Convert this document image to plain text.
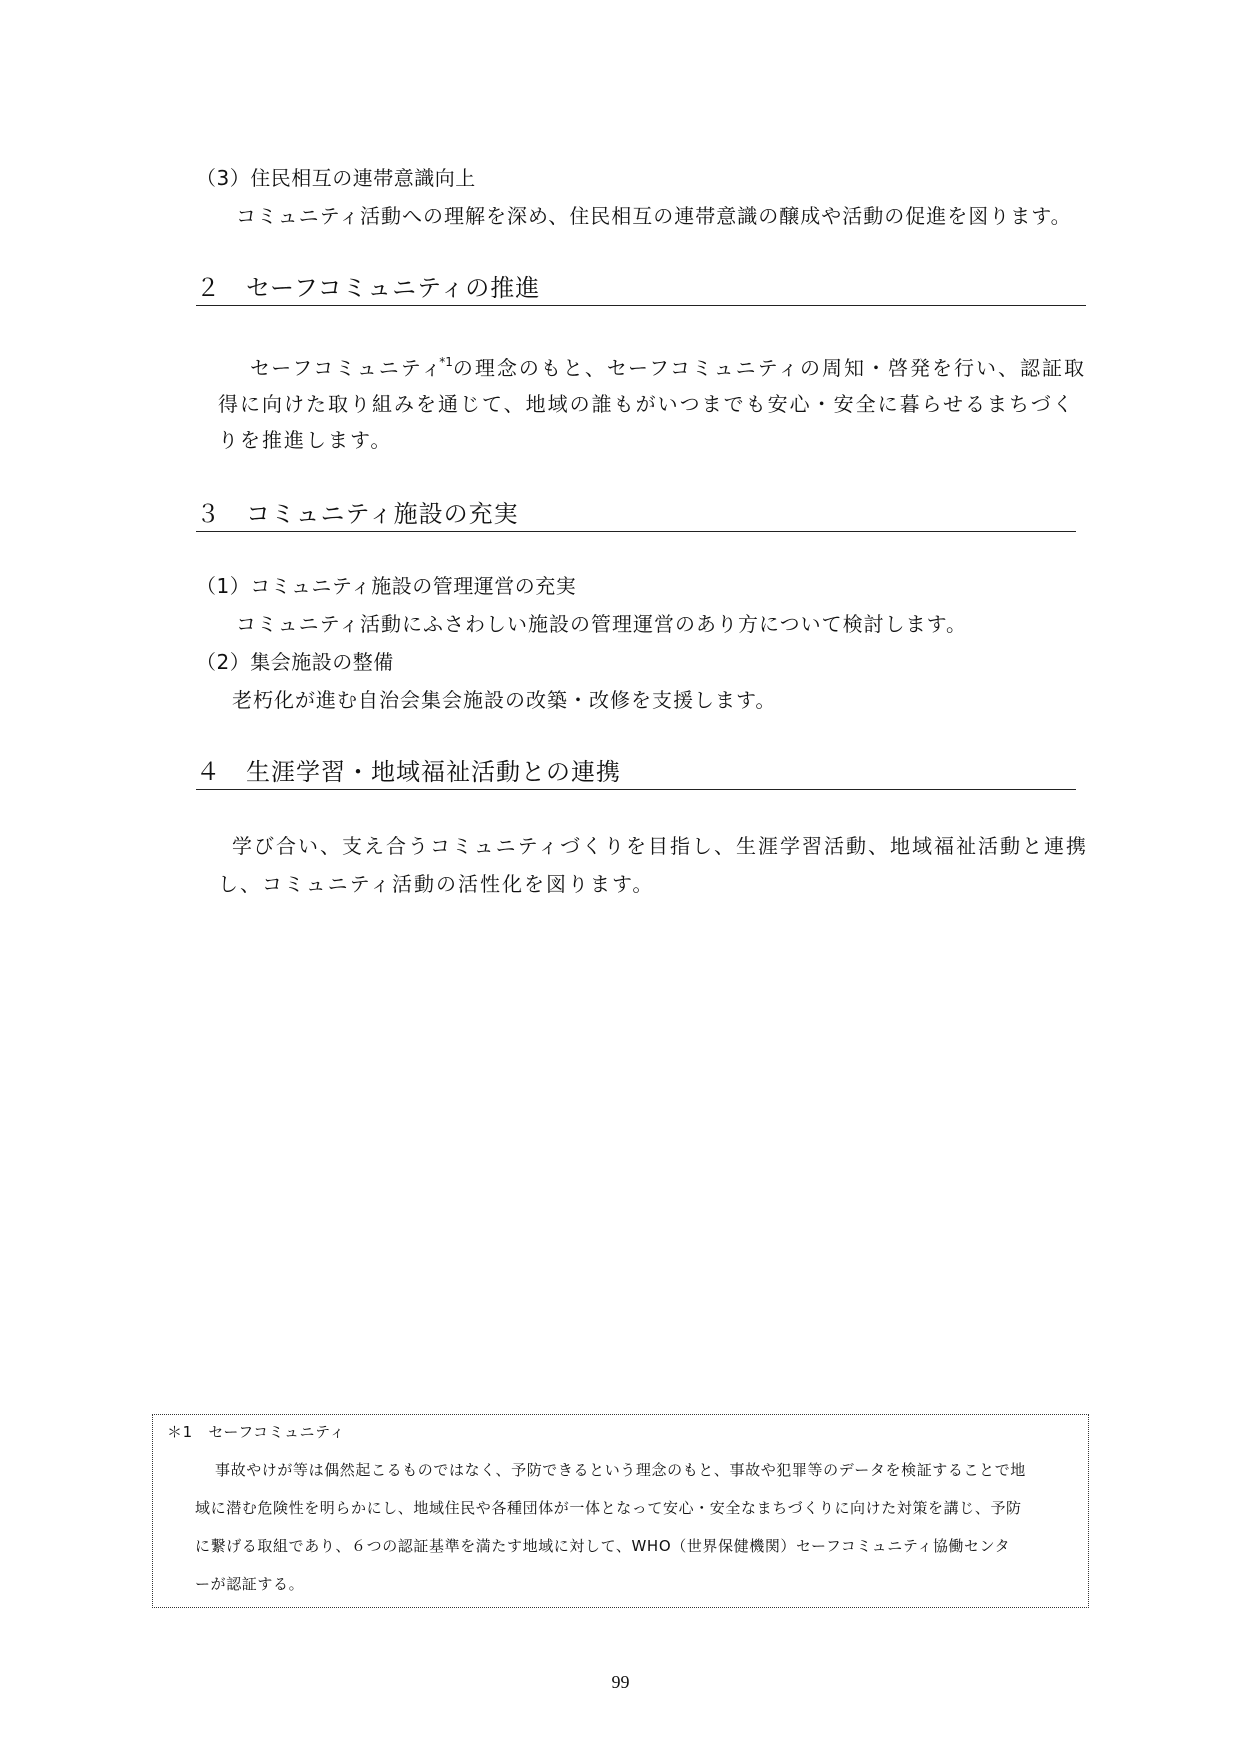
（3）住民相互の連帯意識向上
コミュニティ活動への理解を深め、住民相互の連帯意識の醸成や活動の促進を図ります。
２　セーフコミュニティの推進
セーフコミュニティ$^{*1}$の理念のもと、セーフコミュニティの周知・啓発を行い、認証取
得に向けた取り組みを通じて、地域の誰もがいつまでも安心・安全に暮らせるまちづく
りを推進します。
３　コミュニティ施設の充実
（1）コミュニティ施設の管理運営の充実
コミュニティ活動にふさわしい施設の管理運営のあり方について検討します。
（2）集会施設の整備
老朽化が進む自治会集会施設の改築・改修を支援します。
４　生涯学習・地域福祉活動との連携
学び合い、支え合うコミュニティづくりを目指し、生涯学習活動、地域福祉活動と連携
し、コミュニティ活動の活性化を図ります。
＊1　セーフコミュニティ
事故やけが等は偶然起こるものではなく、予防できるという理念のもと、事故や犯罪等のデータを検証することで地
域に潜む危険性を明らかにし、地域住民や各種団体が一体となって安心・安全なまちづくりに向けた対策を講じ、予防
に繋げる取組であり、６つの認証基準を満たす地域に対して、WHO（世界保健機関）セーフコミュニティ協働センタ
ーが認証する。
99
